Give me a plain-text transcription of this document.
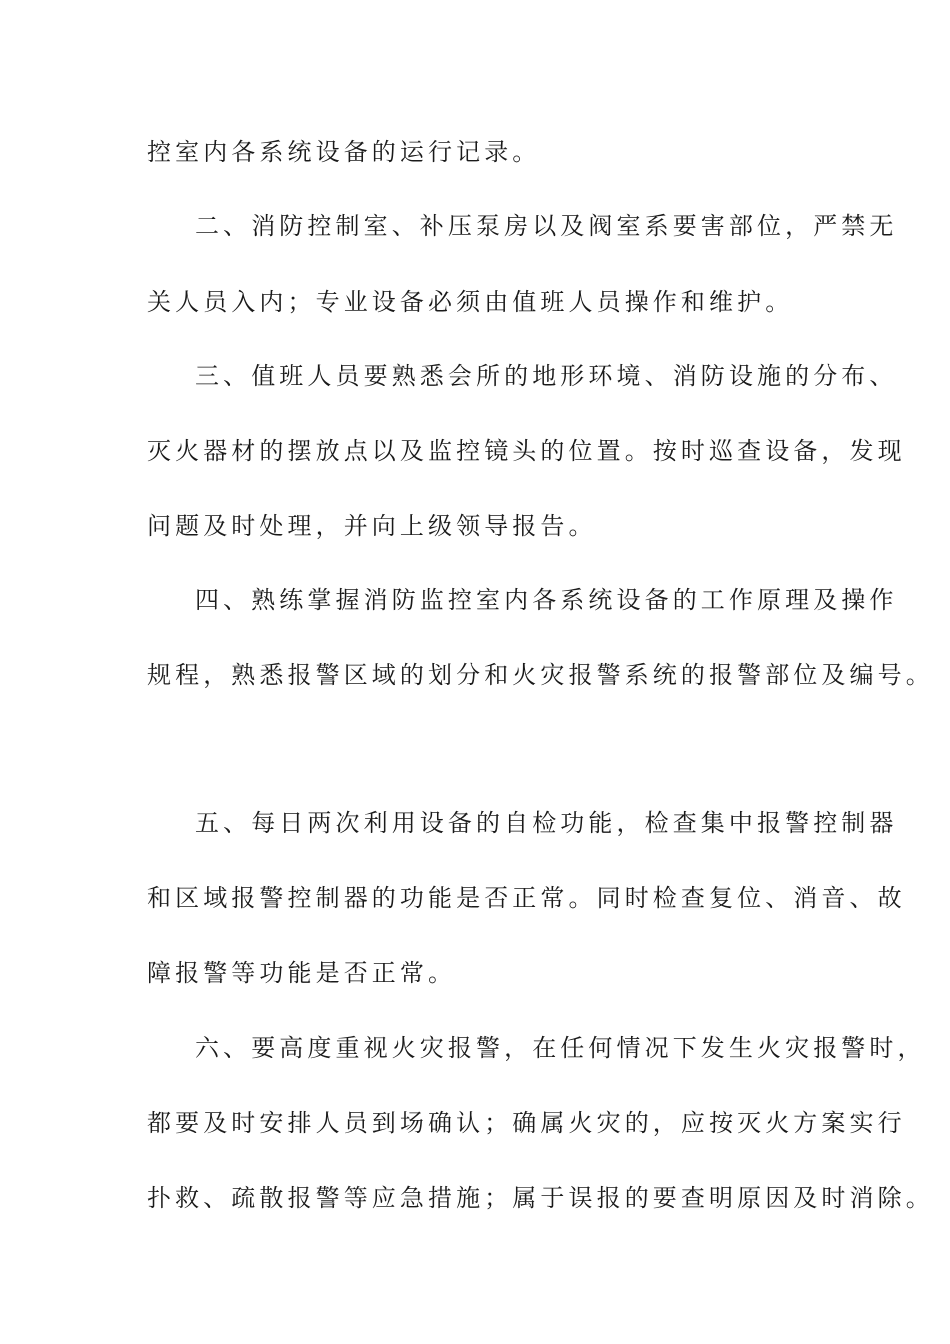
控室内各系统设备的运行记录。
二、消防控制室、补压泵房以及阀室系要害部位，严禁无
关人员入内；专业设备必须由值班人员操作和维护。
三、值班人员要熟悉会所的地形环境、消防设施的分布、
灭火器材的摆放点以及监控镜头的位置。按时巡查设备，发现
问题及时处理，并向上级领导报告。
四、熟练掌握消防监控室内各系统设备的工作原理及操作
规程，熟悉报警区域的划分和火灾报警系统的报警部位及编号。
五、每日两次利用设备的自检功能，检查集中报警控制器
和区域报警控制器的功能是否正常。同时检查复位、消音、故
障报警等功能是否正常。
六、要高度重视火灾报警，在任何情况下发生火灾报警时，
都要及时安排人员到场确认；确属火灾的，应按灭火方案实行
扑救、疏散报警等应急措施；属于误报的要查明原因及时消除。
